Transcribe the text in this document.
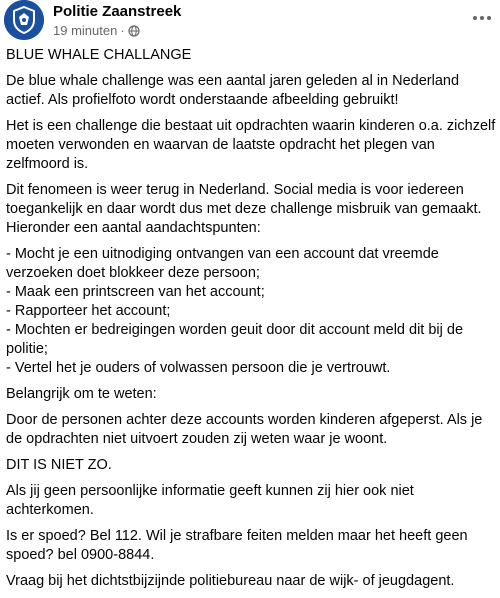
Politie Zaanstreek
19 minuten ·

BLUE WHALE CHALLANGE

De blue whale challenge was een aantal jaren geleden al in Nederland actief. Als profielfoto wordt onderstaande afbeelding gebruikt!

Het is een challenge die bestaat uit opdrachten waarin kinderen o.a. zichzelf moeten verwonden en waarvan de laatste opdracht het plegen van zelfmoord is.

Dit fenomeen is weer terug in Nederland. Social media is voor iedereen toegankelijk en daar wordt dus met deze challenge misbruik van gemaakt. Hieronder een aantal aandachtspunten:

- Mocht je een uitnodiging ontvangen van een account dat vreemde verzoeken doet blokkeer deze persoon;
- Maak een printscreen van het account;
- Rapporteer het account;
- Mochten er bedreigingen worden geuit door dit account meld dit bij de politie;
- Vertel het je ouders of volwassen persoon die je vertrouwt.

Belangrijk om te weten:

Door de personen achter deze accounts worden kinderen afgeperst. Als je de opdrachten niet uitvoert zouden zij weten waar je woont.

DIT IS NIET ZO.

Als jij geen persoonlijke informatie geeft kunnen zij hier ook niet achterkomen.

Is er spoed? Bel 112. Wil je strafbare feiten melden maar het heeft geen spoed? bel 0900-8844.

Vraag bij het dichtstbijzijnde politiebureau naar de wijk- of jeugdagent.
